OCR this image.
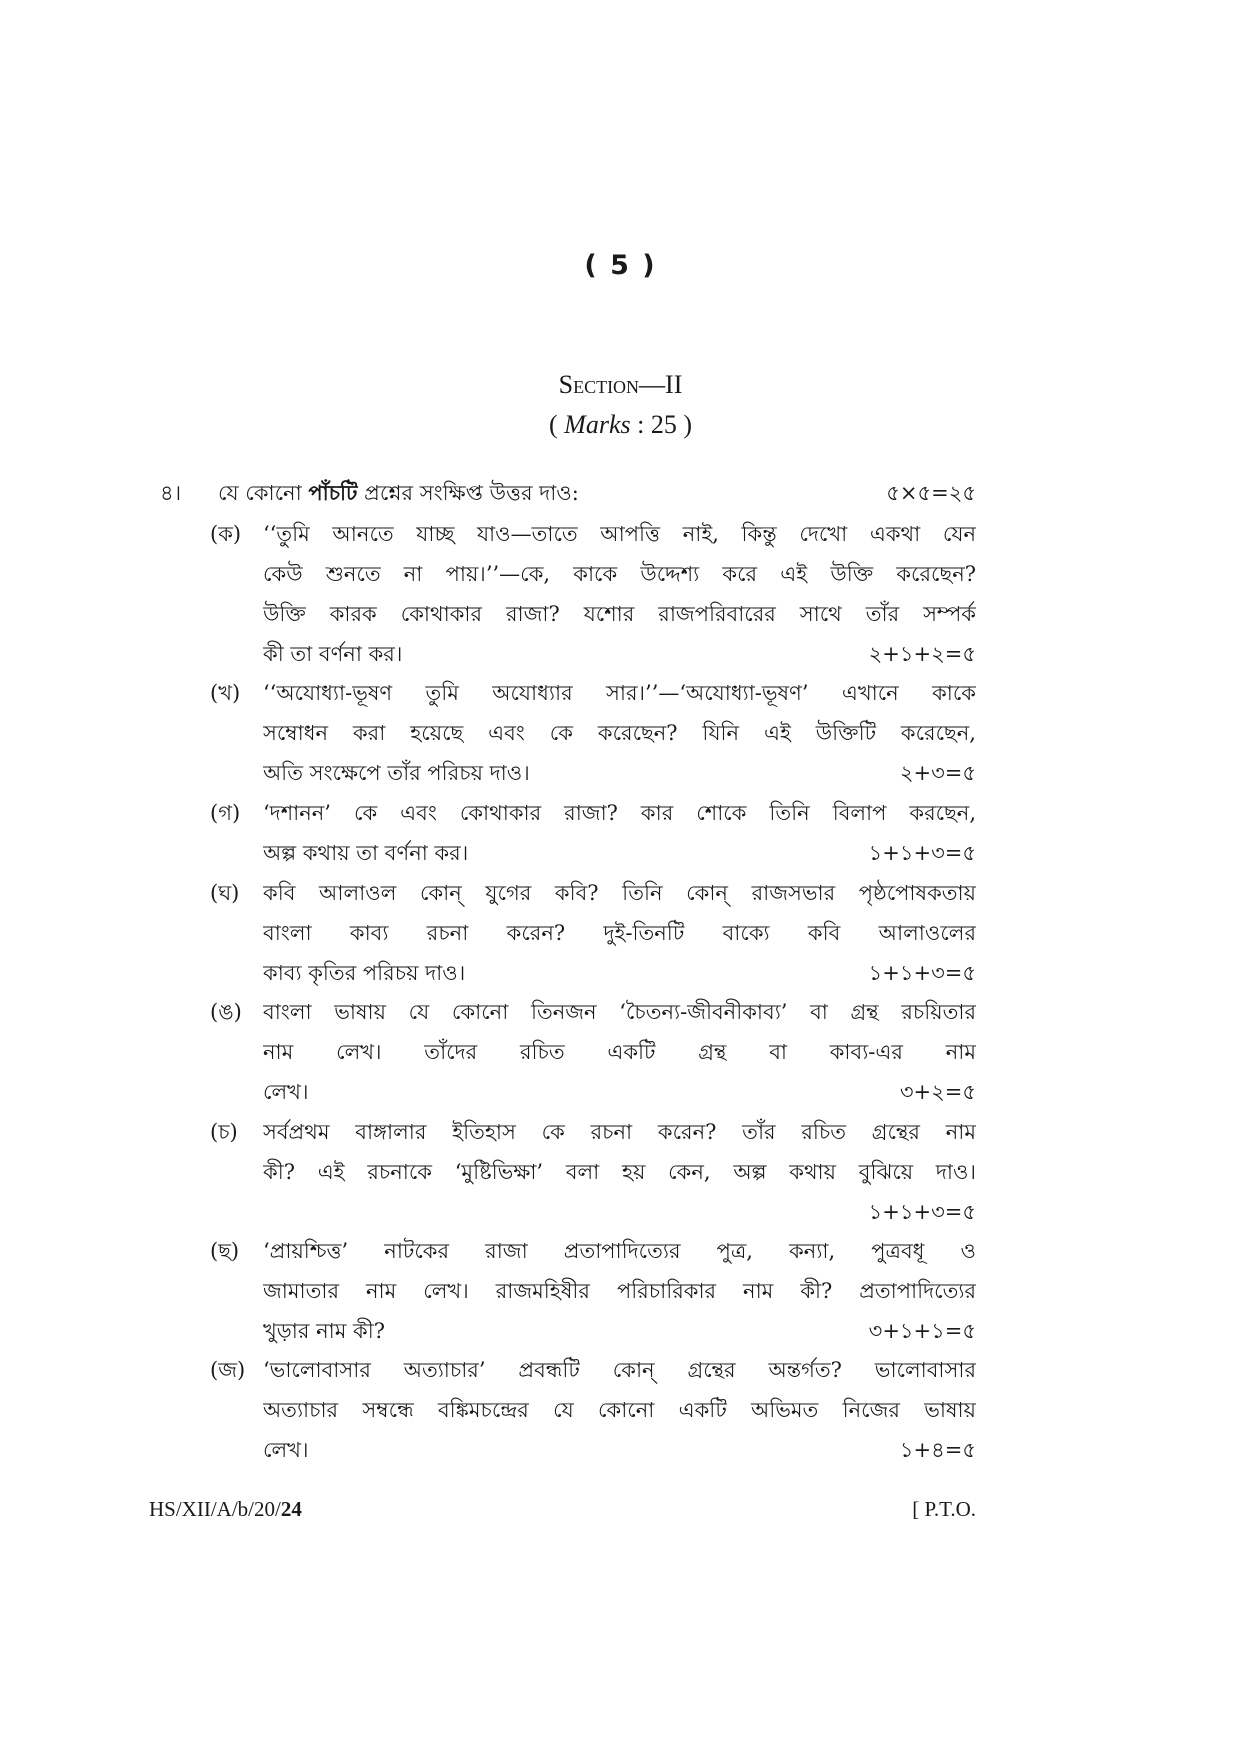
( 5 )
Section—II
( Marks : 25 )
৪। যে কোনো পাঁচটি প্রশ্নের সংক্ষিপ্ত উত্তর দাও:	৫×৫=২৫
(ক) ‘‘তুমি আনতে যাচ্ছ যাও—তাতে আপত্তি নাই, কিন্তু দেখো একথা যেন
কেউ শুনতে না পায়।’’—কে, কাকে উদ্দেশ্য করে এই উক্তি করেছেন?
উক্তি কারক কোথাকার রাজা? যশোর রাজপরিবারের সাথে তাঁর সম্পর্ক
কী তা বর্ণনা কর।	২+১+২=৫
(খ) ‘‘অযোধ্যা-ভূষণ তুমি অযোধ্যার সার।’’—‘অযোধ্যা-ভূষণ’ এখানে কাকে
সম্বোধন করা হয়েছে এবং কে করেছেন? যিনি এই উক্তিটি করেছেন,
অতি সংক্ষেপে তাঁর পরিচয় দাও।	২+৩=৫
(গ) ‘দশানন’ কে এবং কোথাকার রাজা? কার শোকে তিনি বিলাপ করছেন,
অল্প কথায় তা বর্ণনা কর।	১+১+৩=৫
(ঘ) কবি আলাওল কোন্ যুগের কবি? তিনি কোন্ রাজসভার পৃষ্ঠপোষকতায়
বাংলা কাব্য রচনা করেন? দুই-তিনটি বাক্যে কবি আলাওলের
কাব্য কৃতির পরিচয় দাও।	১+১+৩=৫
(ঙ) বাংলা ভাষায় যে কোনো তিনজন ‘চৈতন্য-জীবনীকাব্য’ বা গ্রন্থ রচয়িতার
নাম লেখ। তাঁদের রচিত একটি গ্রন্থ বা কাব্য-এর নাম
লেখ।	৩+২=৫
(চ) সর্বপ্রথম বাঙ্গালার ইতিহাস কে রচনা করেন? তাঁর রচিত গ্রন্থের নাম
কী? এই রচনাকে ‘মুষ্টিভিক্ষা’ বলা হয় কেন, অল্প কথায় বুঝিয়ে দাও।
১+১+৩=৫
(ছ) ‘প্রায়শ্চিত্ত’ নাটকের রাজা প্রতাপাদিত্যের পুত্র, কন্যা, পুত্রবধূ ও
জামাতার নাম লেখ। রাজমহিষীর পরিচারিকার নাম কী? প্রতাপাদিত্যের
খুড়ার নাম কী?	৩+১+১=৫
(জ) ‘ভালোবাসার অত্যাচার’ প্রবন্ধটি কোন্ গ্রন্থের অন্তর্গত? ভালোবাসার
অত্যাচার সম্বন্ধে বঙ্কিমচন্দ্রের যে কোনো একটি অভিমত নিজের ভাষায়
লেখ।	১+৪=৫
HS/XII/A/b/20/24	[ P.T.O.
